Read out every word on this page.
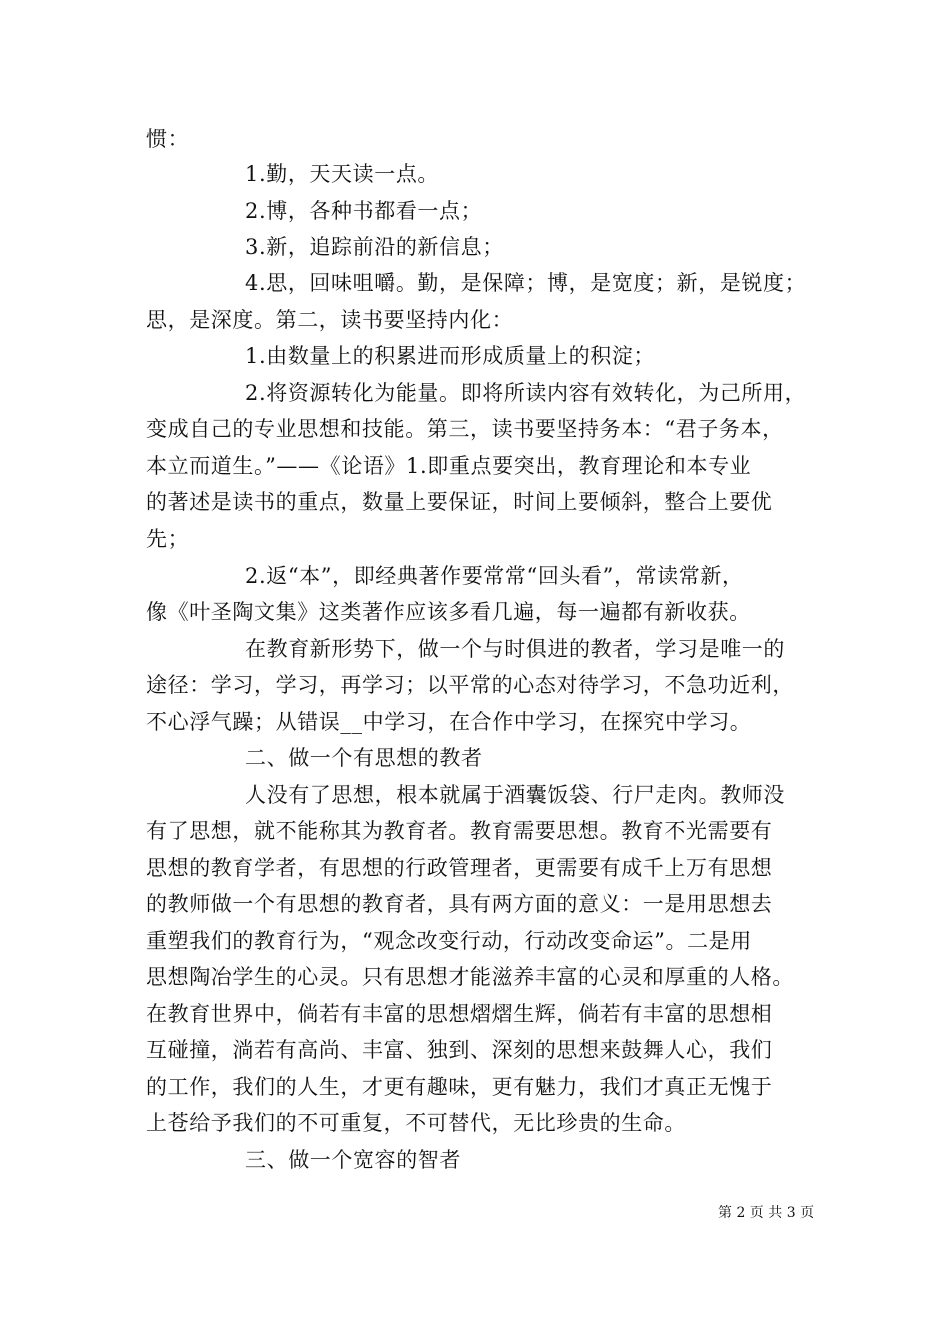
惯：
1.勤，天天读一点。
2.博，各种书都看一点；
3.新，追踪前沿的新信息；
4.思，回味咀嚼。勤，是保障；博，是宽度；新，是锐度；
思，是深度。第二，读书要坚持内化：
1.由数量上的积累进而形成质量上的积淀；
2.将资源转化为能量。即将所读内容有效转化，为己所用，
变成自己的专业思想和技能。第三，读书要坚持务本：“君子务本，
本立而道生。”——《论语》1.即重点要突出，教育理论和本专业
的著述是读书的重点，数量上要保证，时间上要倾斜，整合上要优
先；
2.返“本”，即经典著作要常常“回头看”，常读常新，
像《叶圣陶文集》这类著作应该多看几遍，每一遍都有新收获。
在教育新形势下，做一个与时俱进的教者，学习是唯一的
途径：学习，学习，再学习；以平常的心态对待学习，不急功近利，
不心浮气躁；从错误__中学习，在合作中学习，在探究中学习。
二、做一个有思想的教者
人没有了思想，根本就属于酒囊饭袋、行尸走肉。教师没
有了思想，就不能称其为教育者。教育需要思想。教育不光需要有
思想的教育学者，有思想的行政管理者，更需要有成千上万有思想
的教师做一个有思想的教育者，具有两方面的意义：一是用思想去
重塑我们的教育行为，“观念改变行动，行动改变命运”。二是用
思想陶冶学生的心灵。只有思想才能滋养丰富的心灵和厚重的人格。
在教育世界中，倘若有丰富的思想熠熠生辉，倘若有丰富的思想相
互碰撞，淌若有高尚、丰富、独到、深刻的思想来鼓舞人心，我们
的工作，我们的人生，才更有趣味，更有魅力，我们才真正无愧于
上苍给予我们的不可重复，不可替代，无比珍贵的生命。
三、做一个宽容的智者
第 2 页 共 3 页
